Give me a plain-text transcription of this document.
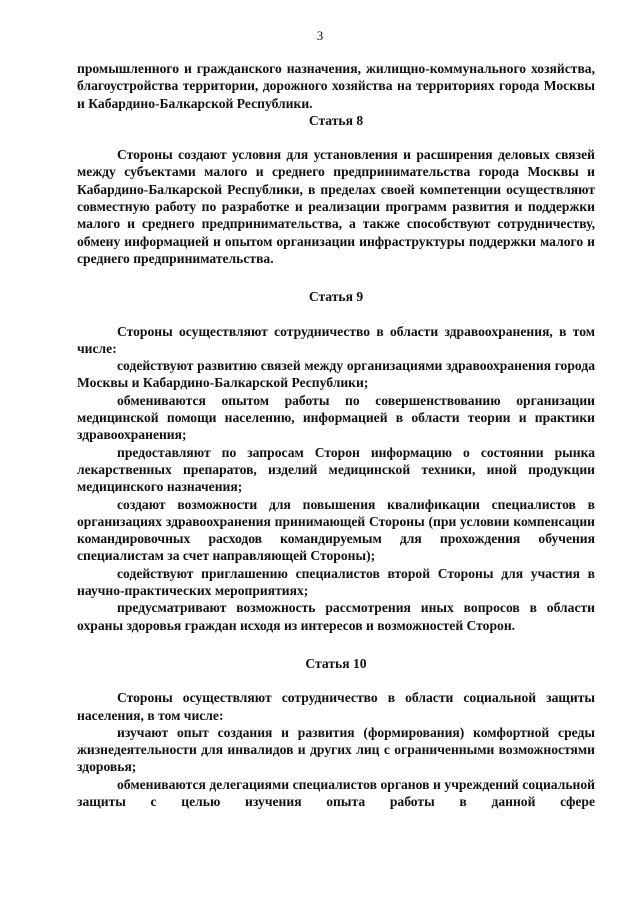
3

промышленного и гражданского назначения, жилищно-коммунального хозяйства, благоустройства территории, дорожного хозяйства на территориях города Москвы и Кабардино-Балкарской Республики.

Статья 8

Стороны создают условия для установления и расширения деловых связей между субъектами малого и среднего предпринимательства города Москвы и Кабардино-Балкарской Республики, в пределах своей компетенции осуществляют совместную работу по разработке и реализации программ развития и поддержки малого и среднего предпринимательства, а также способствуют сотрудничеству, обмену информацией и опытом организации инфраструктуры поддержки малого и среднего предпринимательства.

Статья 9

Стороны осуществляют сотрудничество в области здравоохранения, в том числе:

содействуют развитию связей между организациями здравоохранения города Москвы и Кабардино-Балкарской Республики;

обмениваются опытом работы по совершенствованию организации медицинской помощи населению, информацией в области теории и практики здравоохранения;

предоставляют по запросам Сторон информацию о состоянии рынка лекарственных препаратов, изделий медицинской техники, иной продукции медицинского назначения;

создают возможности для повышения квалификации специалистов в организациях здравоохранения принимающей Стороны (при условии компенсации командировочных расходов командируемым для прохождения обучения специалистам за счет направляющей Стороны);

содействуют приглашению специалистов второй Стороны для участия в научно-практических мероприятиях;

предусматривают возможность рассмотрения иных вопросов в области охраны здоровья граждан исходя из интересов и возможностей Сторон.

Статья 10

Стороны осуществляют сотрудничество в области социальной защиты населения, в том числе:

изучают опыт создания и развития (формирования) комфортной среды жизнедеятельности для инвалидов и других лиц с ограниченными возможностями здоровья;

обмениваются делегациями специалистов органов и учреждений социальной защиты с целью изучения опыта работы в данной сфере
